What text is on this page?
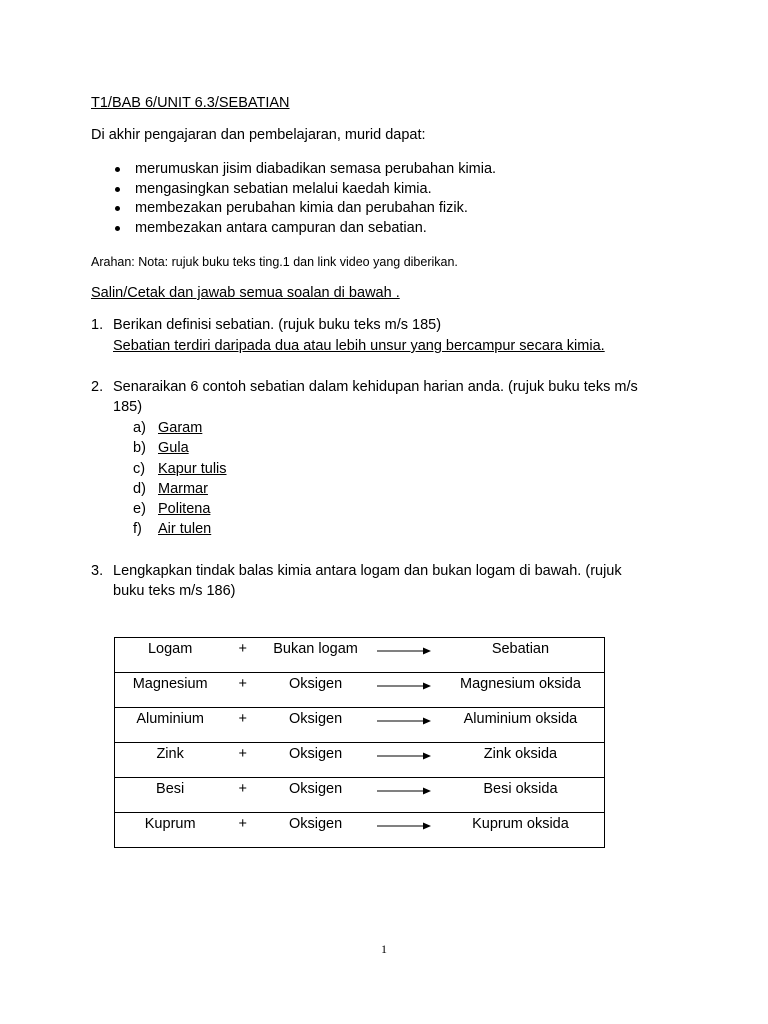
T1/BAB 6/UNIT 6.3/SEBATIAN
Di akhir pengajaran dan pembelajaran, murid dapat:
merumuskan jisim diabadikan semasa perubahan kimia.
mengasingkan sebatian melalui kaedah kimia.
membezakan perubahan kimia dan perubahan fizik.
membezakan antara campuran dan sebatian.
Arahan: Nota: rujuk buku teks ting.1 dan link video yang diberikan.
Salin/Cetak dan jawab semua soalan di bawah .
1. Berikan definisi sebatian. (rujuk buku teks m/s 185)
Sebatian terdiri daripada dua atau lebih unsur yang bercampur secara kimia.
2. Senaraikan 6 contoh sebatian dalam kehidupan harian anda. (rujuk buku teks m/s
185)
a) Garam
b) Gula
c) Kapur tulis
d) Marmar
e) Politena
f) Air tulen
3. Lengkapkan tindak balas kimia antara logam dan bukan logam di bawah. (rujuk
buku teks m/s 186)
Logam	+	Bukan logam		Sebatian
Magnesium	+	Oksigen		Magnesium oksida
Aluminium	+	Oksigen		Aluminium oksida
Zink	+	Oksigen		Zink oksida
Besi	+	Oksigen		Besi oksida
Kuprum	+	Oksigen		Kuprum oksida
1
